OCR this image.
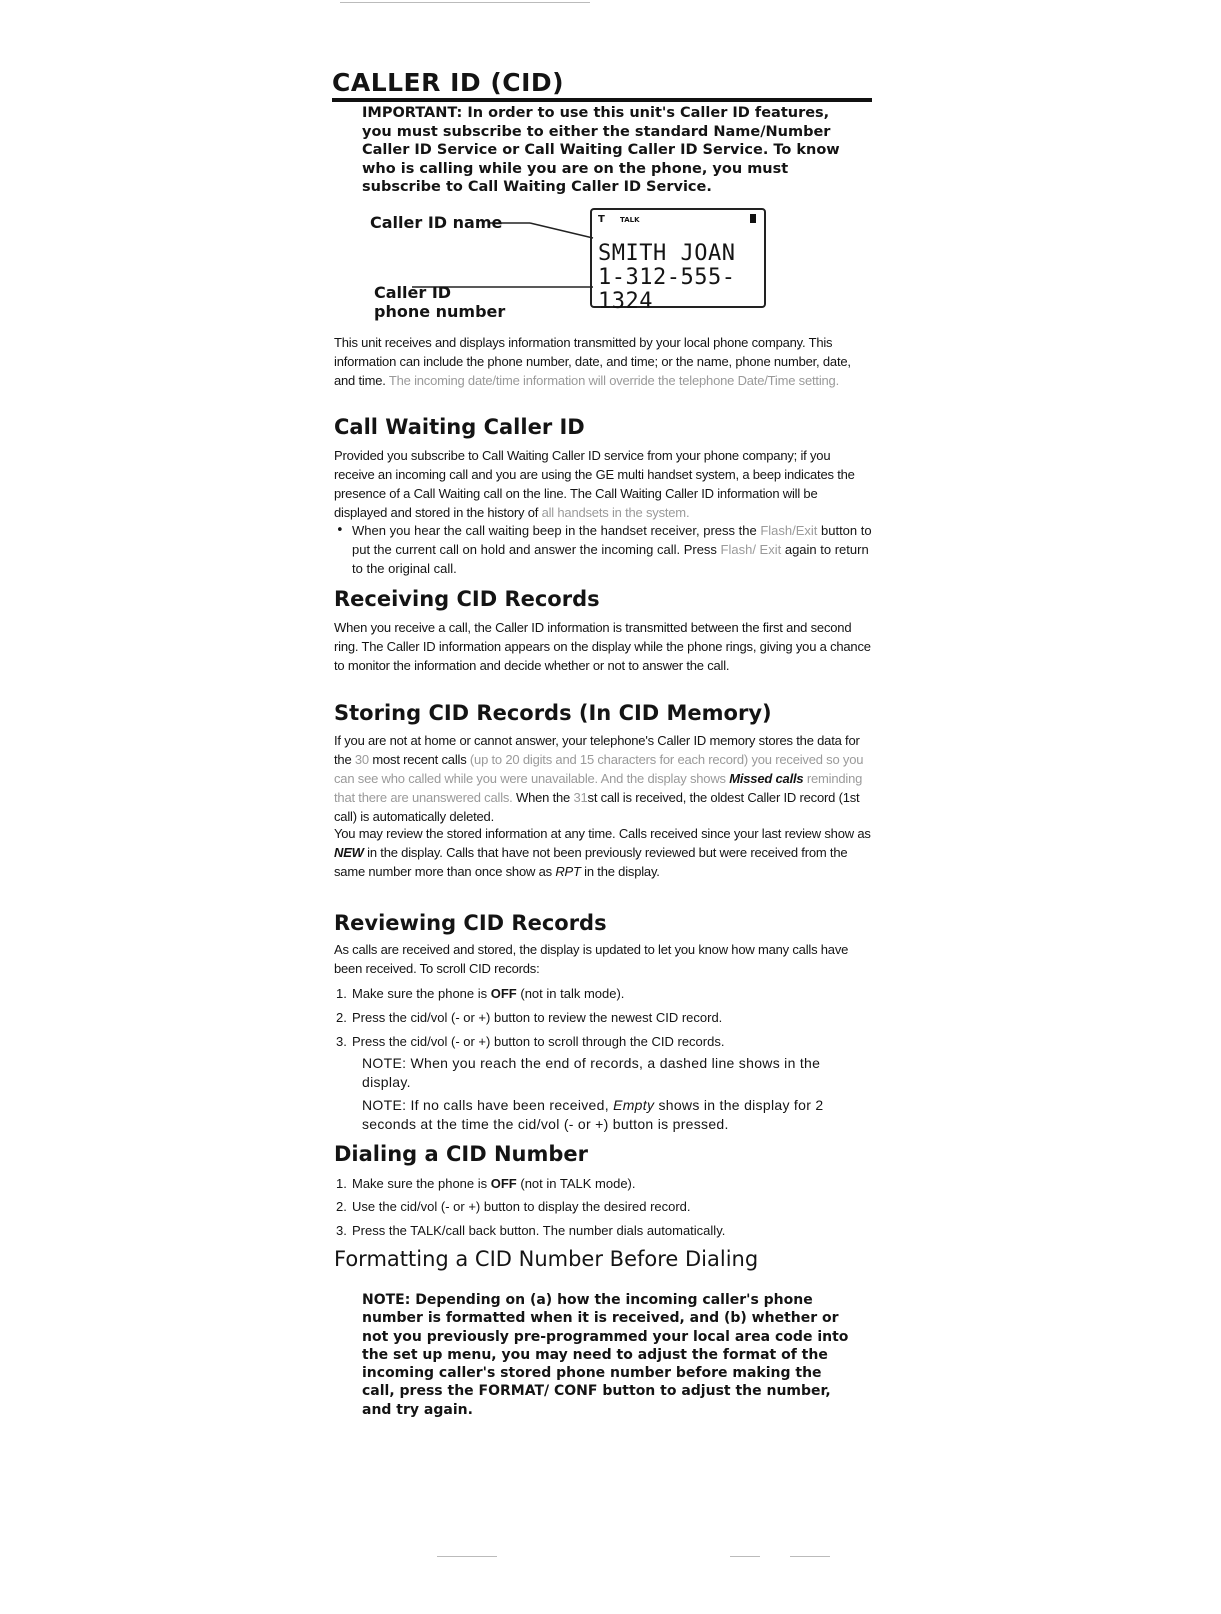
CALLER ID (CID)

IMPORTANT: In order to use this unit's Caller ID features, you must subscribe to either the standard Name/Number Caller ID Service or Call Waiting Caller ID Service. To know who is calling while you are on the phone, you must subscribe to Call Waiting Caller ID Service.

Caller ID name

Caller ID

phone number

T TALK
SMITH JOAN
1-312-555-1324

This unit receives and displays information transmitted by your local phone company. This information can include the phone number, date, and time; or the name, phone number, date, and time. The incoming date/time information will override the telephone Date/Time setting.

Call Waiting Caller ID

Provided you subscribe to Call Waiting Caller ID service from your phone company; if you receive an incoming call and you are using the GE multi handset system, a beep indicates the presence of a Call Waiting call on the line. The Call Waiting Caller ID information will be displayed and stored in the history of all handsets in the system.

• When you hear the call waiting beep in the handset receiver, press the Flash/Exit button to put the current call on hold and answer the incoming call. Press Flash/ Exit again to return to the original call.

Receiving CID Records

When you receive a call, the Caller ID information is transmitted between the first and second ring. The Caller ID information appears on the display while the phone rings, giving you a chance to monitor the information and decide whether or not to answer the call.

Storing CID Records (In CID Memory)

If you are not at home or cannot answer, your telephone's Caller ID memory stores the data for the 30 most recent calls (up to 20 digits and 15 characters for each record) you received so you can see who called while you were unavailable. And the display shows Missed calls reminding that there are unanswered calls. When the 31st call is received, the oldest Caller ID record (1st call) is automatically deleted.

You may review the stored information at any time. Calls received since your last review show as NEW in the display. Calls that have not been previously reviewed but were received from the same number more than once show as RPT in the display.

Reviewing CID Records

As calls are received and stored, the display is updated to let you know how many calls have been received. To scroll CID records:

1. Make sure the phone is OFF (not in talk mode).

2. Press the cid/vol (- or +) button to review the newest CID record.

3. Press the cid/vol (- or +) button to scroll through the CID records.

NOTE: When you reach the end of records, a dashed line shows in the display.

NOTE: If no calls have been received, Empty shows in the display for 2 seconds at the time the cid/vol (- or +) button is pressed.

Dialing a CID Number
1. Make sure the phone is OFF (not in TALK mode).

2. Use the cid/vol (- or +) button to display the desired record.

3. Press the TALK/call back button. The number dials automatically.

Formatting a CID Number Before Dialing

NOTE: Depending on (a) how the incoming caller's phone number is formatted when it is received, and (b) whether or not you previously pre-programmed your local area code into the set up menu, you may need to adjust the format of the incoming caller's stored phone number before making the call, press the FORMAT/ CONF button to adjust the number, and try again.
